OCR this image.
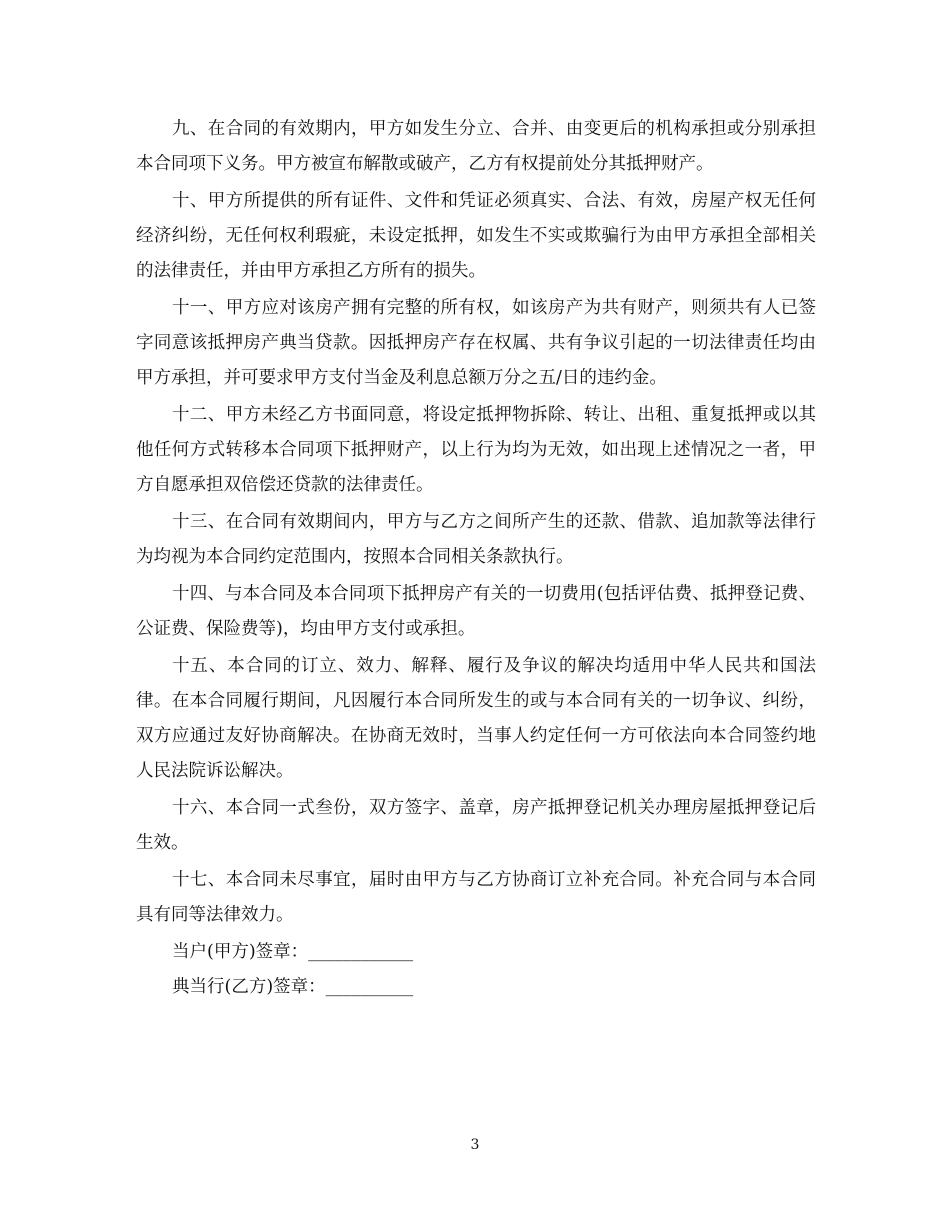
九、在合同的有效期内，甲方如发生分立、合并、由变更后的机构承担或分别承担本合同项下义务。甲方被宣布解散或破产，乙方有权提前处分其抵押财产。

十、甲方所提供的所有证件、文件和凭证必须真实、合法、有效，房屋产权无任何经济纠纷，无任何权利瑕疵，未设定抵押，如发生不实或欺骗行为由甲方承担全部相关的法律责任，并由甲方承担乙方所有的损失。

十一、甲方应对该房产拥有完整的所有权，如该房产为共有财产，则须共有人已签字同意该抵押房产典当贷款。因抵押房产存在权属、共有争议引起的一切法律责任均由甲方承担，并可要求甲方支付当金及利息总额万分之五/日的违约金。

十二、甲方未经乙方书面同意，将设定抵押物拆除、转让、出租、重复抵押或以其他任何方式转移本合同项下抵押财产，以上行为均为无效，如出现上述情况之一者，甲方自愿承担双倍偿还贷款的法律责任。

十三、在合同有效期间内，甲方与乙方之间所产生的还款、借款、追加款等法律行为均视为本合同约定范围内，按照本合同相关条款执行。

十四、与本合同及本合同项下抵押房产有关的一切费用(包括评估费、抵押登记费、公证费、保险费等)，均由甲方支付或承担。

十五、本合同的订立、效力、解释、履行及争议的解决均适用中华人民共和国法律。在本合同履行期间，凡因履行本合同所发生的或与本合同有关的一切争议、纠纷，双方应通过友好协商解决。在协商无效时，当事人约定任何一方可依法向本合同签约地人民法院诉讼解决。

十六、本合同一式叁份，双方签字、盖章，房产抵押登记机关办理房屋抵押登记后生效。

十七、本合同未尽事宜，届时由甲方与乙方协商订立补充合同。补充合同与本合同具有同等法律效力。

当户(甲方)签章：____________

典当行(乙方)签章：__________

3
